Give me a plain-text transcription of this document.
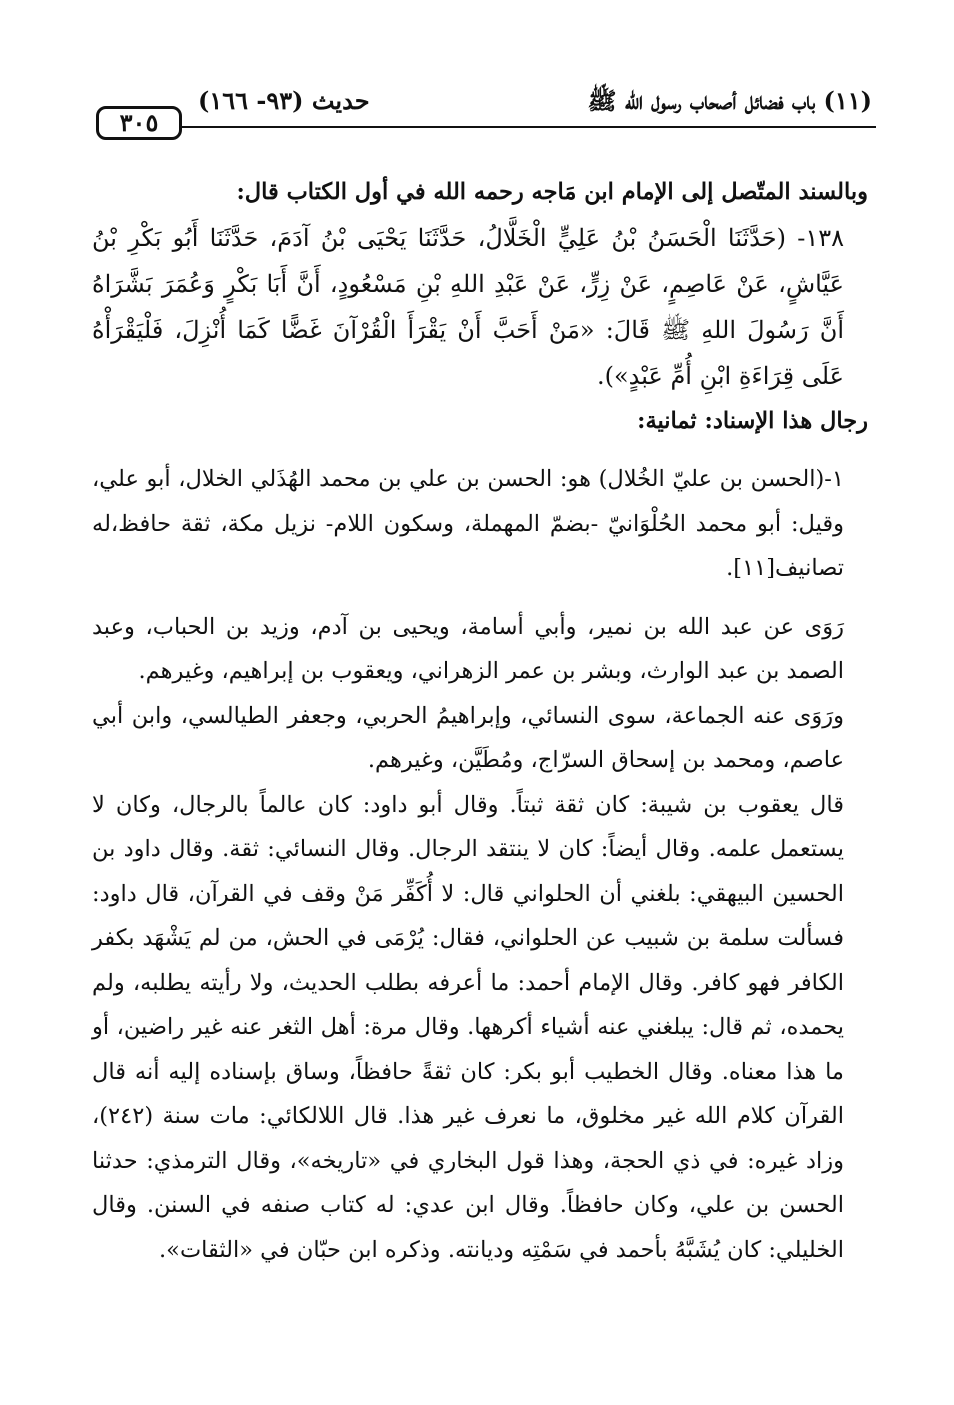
٣٠٥
حديث (٩٣- ١٦٦)	(١١) باب فضائل أصحاب رسول الله ﷺ

وبالسند المتّصل إلى الإمام ابن مَاجه رحمه الله في أول الكتاب قال:

١٣٨- (حَدَّثَنَا الْحَسَنُ بْنُ عَلِيٍّ الْخَلَّالُ، حَدَّثَنَا يَحْيَى بْنُ آدَمَ، حَدَّثَنَا أَبُو بَكْرِ بْنُ عَيَّاشٍ، عَنْ عَاصِمٍ، عَنْ زِرٍّ، عَنْ عَبْدِ اللهِ بْنِ مَسْعُودٍ، أَنَّ أَبَا بَكْرٍ وَعُمَرَ بَشَّرَاهُ أَنَّ رَسُولَ اللهِ ﷺ قَالَ: «مَنْ أَحَبَّ أَنْ يَقْرَأَ الْقُرْآنَ غَضًّا كَمَا أُنْزِلَ، فَلْيَقْرَأْهُ عَلَى قِرَاءَةِ ابْنِ أُمِّ عَبْدٍ»).

رجال هذا الإسناد: ثمانية:

١-(الحسن بن عليّ الخُلال) هو: الحسن بن علي بن محمد الهُذَلي الخلال، أبو علي، وقيل: أبو محمد الحُلْوَانيّ -بضمّ المهملة، وسكون اللام- نزيل مكة، ثقة حافظ،له تصانيف[١١].

رَوَى عن عبد الله بن نمير، وأبي أسامة، ويحيى بن آدم، وزيد بن الحباب، وعبد الصمد بن عبد الوارث، وبشر بن عمر الزهراني، ويعقوب بن إبراهيم، وغيرهم.

ورَوَى عنه الجماعة، سوى النسائي، وإبراهيمُ الحربي، وجعفر الطيالسي، وابن أبي عاصم، ومحمد بن إسحاق السرّاج، ومُطَيَّن، وغيرهم.

قال يعقوب بن شيبة: كان ثقة ثبتاً. وقال أبو داود: كان عالماً بالرجال، وكان لا يستعمل علمه. وقال أيضاً: كان لا ينتقد الرجال. وقال النسائي: ثقة. وقال داود بن الحسين البيهقي: بلغني أن الحلواني قال: لا أُكَفِّر مَنْ وقف في القرآن، قال داود: فسألت سلمة بن شبيب عن الحلواني، فقال: يُرْمَى في الحش، من لم يَشْهَد بكفر الكافر فهو كافر. وقال الإمام أحمد: ما أعرفه بطلب الحديث، ولا رأيته يطلبه، ولم يحمده، ثم قال: يبلغني عنه أشياء أكرهها. وقال مرة: أهل الثغر عنه غير راضين، أو ما هذا معناه. وقال الخطيب أبو بكر: كان ثقةً حافظاً، وساق بإسناده إليه أنه قال القرآن كلام الله غير مخلوق، ما نعرف غير هذا. قال اللالكائي: مات سنة (٢٤٢)، وزاد غيره: في ذي الحجة، وهذا قول البخاري في «تاريخه»، وقال الترمذي: حدثنا الحسن بن علي، وكان حافظاً. وقال ابن عدي: له كتاب صنفه في السنن. وقال الخليلي: كان يُشَبَّهُ بأحمد في سَمْتِه وديانته. وذكره ابن حبّان في «الثقات».
